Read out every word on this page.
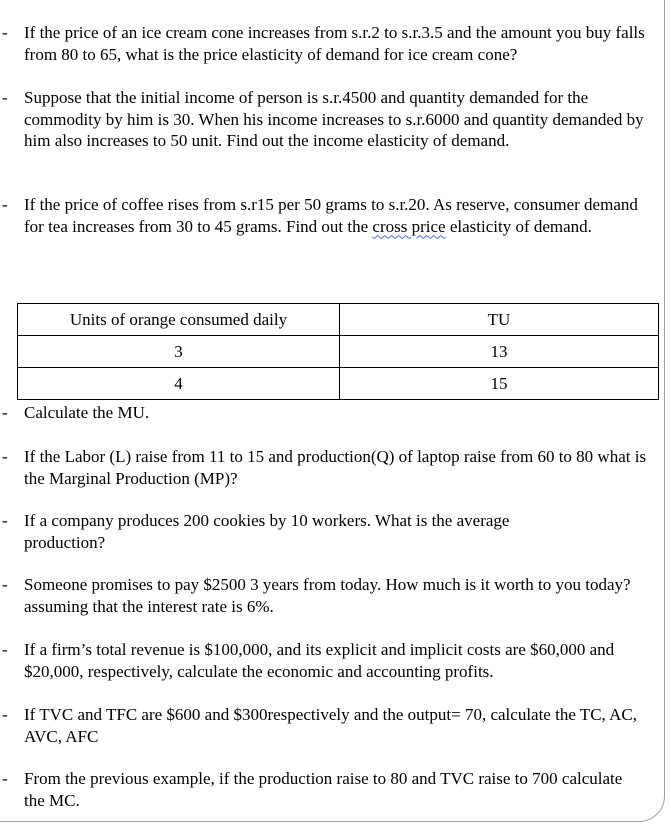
- If the price of an ice cream cone increases from s.r.2 to s.r.3.5 and the amount you buy falls from 80 to 65, what is the price elasticity of demand for ice cream cone?
- Suppose that the initial income of person is s.r.4500 and quantity demanded for the commodity by him is 30. When his income increases to s.r.6000 and quantity demanded by him also increases to 50 unit. Find out the income elasticity of demand.
- If the price of coffee rises from s.r15 per 50 grams to s.r.20. As reserve, consumer demand for tea increases from 30 to 45 grams. Find out the cross price elasticity of demand.
Units of orange consumed daily	TU
3	13
4	15
- Calculate the MU.
- If the Labor (L) raise from 11 to 15 and production(Q) of laptop raise from 60 to 80 what is the Marginal Production (MP)?
- If a company produces 200 cookies by 10 workers. What is the average production?
- Someone promises to pay $2500 3 years from today. How much is it worth to you today? assuming that the interest rate is 6%.
- If a firm’s total revenue is $100,000, and its explicit and implicit costs are $60,000 and $20,000, respectively, calculate the economic and accounting profits.
- If TVC and TFC are $600 and $300respectively and the output= 70, calculate the TC, AC, AVC, AFC
- From the previous example, if the production raise to 80 and TVC raise to 700 calculate the MC.
